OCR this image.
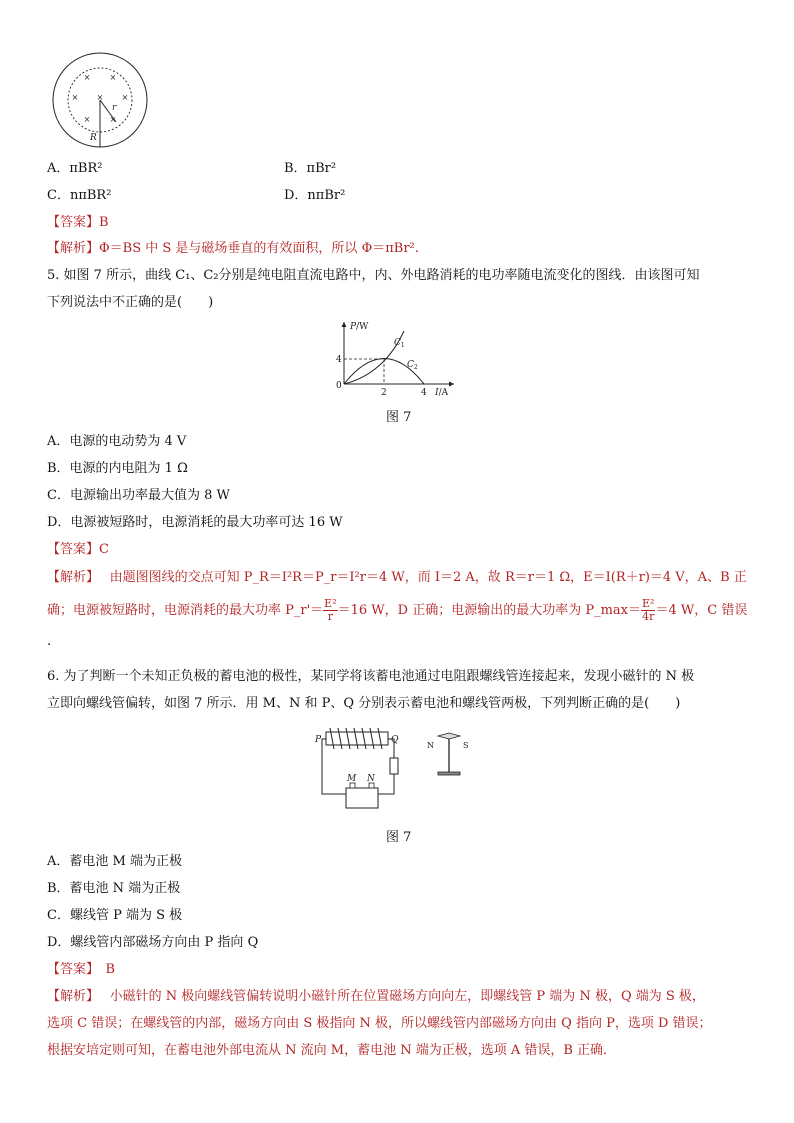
× ×
× × ×
× ×
r
R
A．πBR²	B．πBr²
C．nπBR²	D．nπBr²
【答案】B
【解析】Φ＝BS 中 S 是与磁场垂直的有效面积，所以 Φ＝πBr².
5. 如图 7 所示，曲线 C₁、C₂分别是纯电阻直流电路中，内、外电路消耗的电功率随电流变化的图线．由该图可知
下列说法中不正确的是(　　)
P/W
$C_1$
$C_2$
4
0
2	4 I/A
图 7
A．电源的电动势为 4 V
B．电源的内电阻为 1 Ω
C．电源输出功率最大值为 8 W
D．电源被短路时，电源消耗的最大功率可达 16 W
【答案】C
【解析】　 由题图图线的交点可知 P_R＝I²R＝P_r＝I²r＝4 W，而 I＝2 A，故 R＝r＝1 Ω，E＝I(R＋r)＝4 V，A、B 正
确；电源被短路时，电源消耗的最大功率 P_r'＝ $\frac{\text{E²}}{r} =16$ W，D 正确；电源输出的最大功率为 P_max＝ $\frac{\text{E²}}{4r} =4$ W，C 错误
.
6. 为了判断一个未知正负极的蓄电池的极性，某同学将该蓄电池通过电阻跟螺线管连接起来，发现小磁针的 N 极
立即向螺线管偏转，如图 7 所示．用 M、N 和 P、Q 分别表示蓄电池和螺线管两极，下列判断正确的是(　　)
P	Q
M N
N	S
图 7
A．蓄电池 M 端为正极
B．蓄电池 N 端为正极
C．螺线管 P 端为 S 极
D．螺线管内部磁场方向由 P 指向 Q
【答案】　B
【解析】　 小磁针的 N 极向螺线管偏转说明小磁针所在位置磁场方向向左，即螺线管 P 端为 N 极，Q 端为 S 极，
选项 C 错误；在螺线管的内部，磁场方向由 S 极指向 N 极，所以螺线管内部磁场方向由 Q 指向 P，选项 D 错误；
根据安培定则可知，在蓄电池外部电流从 N 流向 M，蓄电池 N 端为正极，选项 A 错误，B 正确．
